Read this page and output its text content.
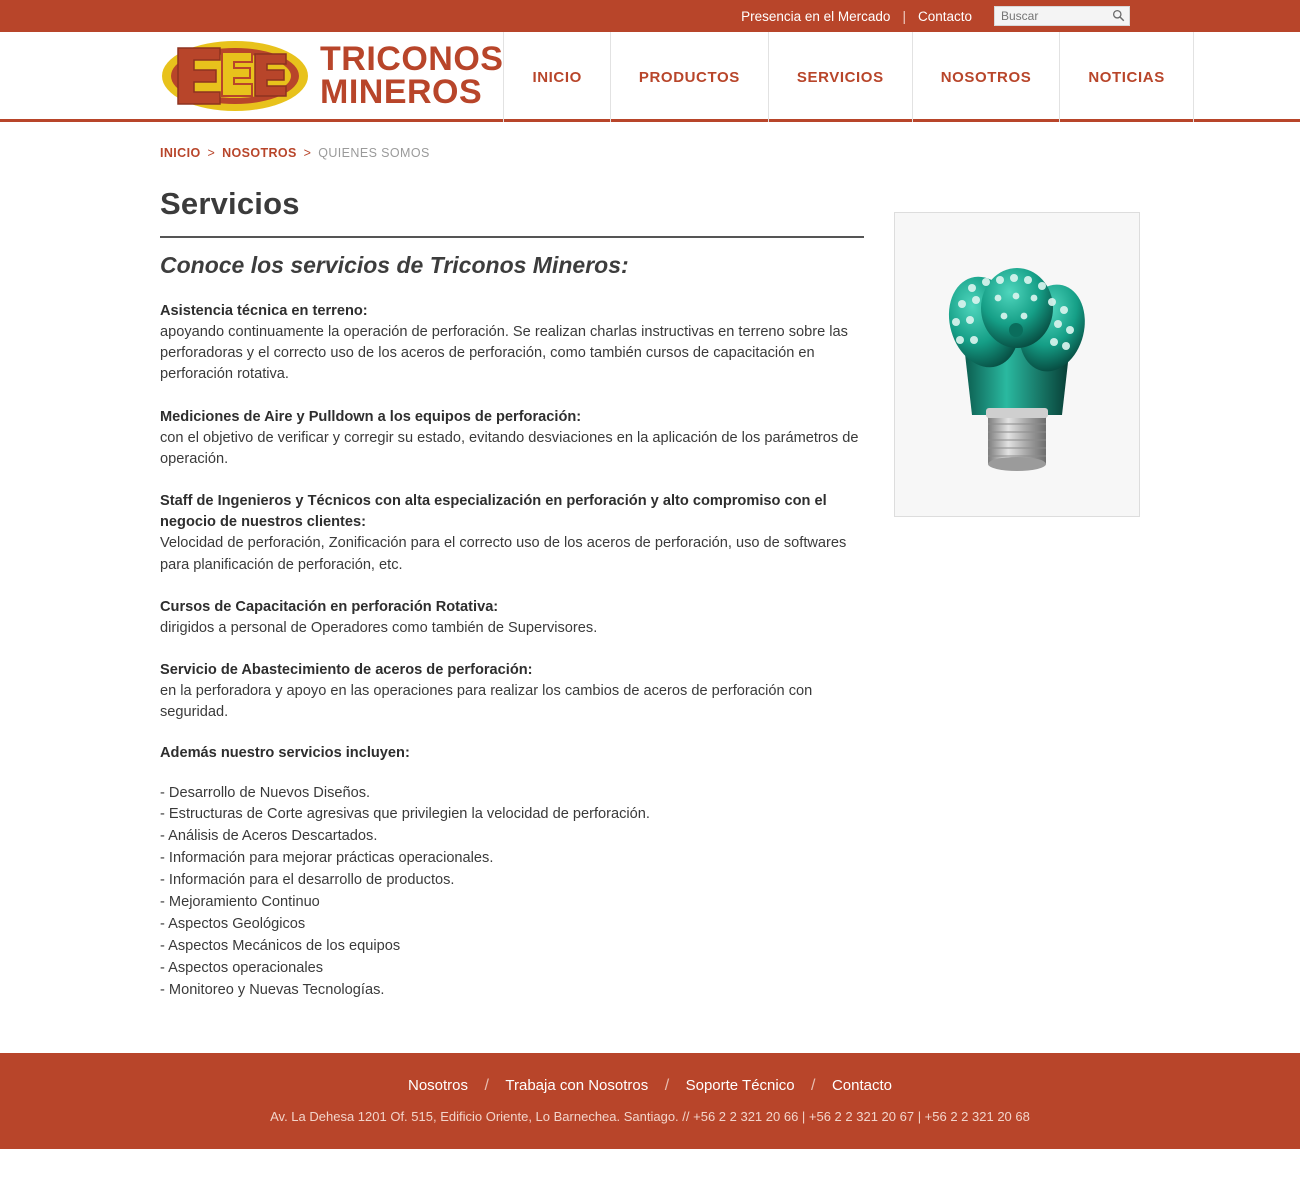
Presencia en el Mercado | Contacto
Buscar
TRICONOS
MINEROS	INICIO	PRODUCTOS	SERVICIOS	NOSOTROS	NOTICIAS
INICIO > NOSOTROS > QUIENES SOMOS
Servicios
Conoce los servicios de Triconos Mineros:
Asistencia técnica en terreno:
apoyando continuamente la operación de perforación. Se realizan charlas instructivas en terreno sobre las perforadoras y el correcto uso de los aceros de perforación, como también cursos de capacitación en perforación rotativa.
Mediciones de Aire y Pulldown a los equipos de perforación:
con el objetivo de verificar y corregir su estado, evitando desviaciones en la aplicación de los parámetros de operación.
Staff de Ingenieros y Técnicos con alta especialización en perforación y alto compromiso con el negocio de nuestros clientes:
Velocidad de perforación, Zonificación para el correcto uso de los aceros de perforación, uso de softwares para planificación de perforación, etc.
Cursos de Capacitación en perforación Rotativa:
dirigidos a personal de Operadores como también de Supervisores.
Servicio de Abastecimiento de aceros de perforación:
en la perforadora y apoyo en las operaciones para realizar los cambios de aceros de perforación con seguridad.
Además nuestro servicios incluyen:
- Desarrollo de Nuevos Diseños.
- Estructuras de Corte agresivas que privilegien la velocidad de perforación.
- Análisis de Aceros Descartados.
- Información para mejorar prácticas operacionales.
- Información para el desarrollo de productos.
- Mejoramiento Continuo
- Aspectos Geológicos
- Aspectos Mecánicos de los equipos
- Aspectos operacionales
- Monitoreo y Nuevas Tecnologías.
Nosotros / Trabaja con Nosotros / Soporte Técnico / Contacto
Av. La Dehesa 1201 Of. 515, Edificio Oriente, Lo Barnechea. Santiago. // +56 2 2 321 20 66 | +56 2 2 321 20 67 | +56 2 2 321 20 68
